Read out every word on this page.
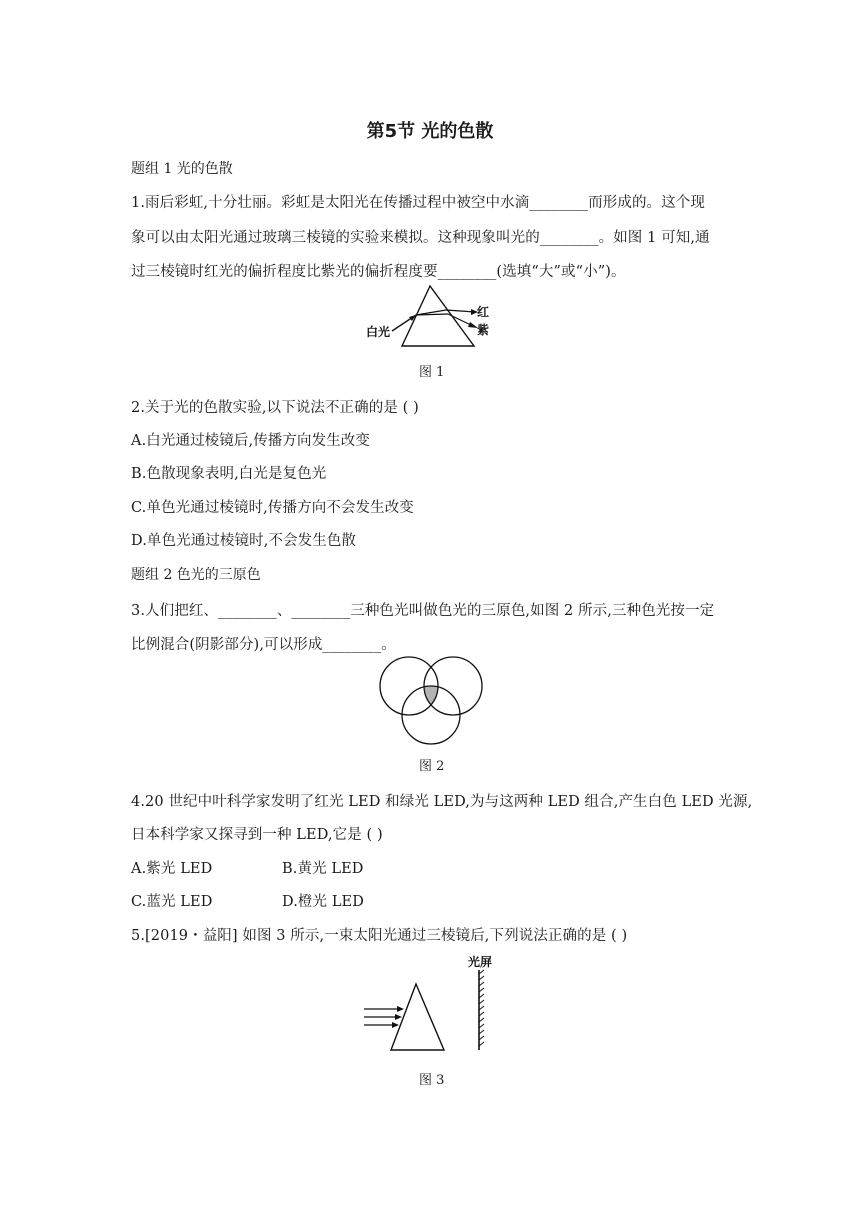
第5节 光的色散
题组 1 光的色散
1.雨后彩虹,十分壮丽。彩虹是太阳光在传播过程中被空中水滴________而形成的。这个现
象可以由太阳光通过玻璃三棱镜的实验来模拟。这种现象叫光的________。如图 1 可知,通
过三棱镜时红光的偏折程度比紫光的偏折程度要________(选填“大”或“小”)。
白光
红
紫
图 1
2.关于光的色散实验,以下说法不正确的是 ( )
A.白光通过棱镜后,传播方向发生改变
B.色散现象表明,白光是复色光
C.单色光通过棱镜时,传播方向不会发生改变
D.单色光通过棱镜时,不会发生色散
题组 2 色光的三原色
3.人们把红、________、________三种色光叫做色光的三原色,如图 2 所示,三种色光按一定
比例混合(阴影部分),可以形成________。
图 2
4.20 世纪中叶科学家发明了红光 LED 和绿光 LED,为与这两种 LED 组合,产生白色 LED 光源,
日本科学家又探寻到一种 LED,它是 ( )
A.紫光 LED	B.黄光 LED
C.蓝光 LED	D.橙光 LED
5.[2019・益阳] 如图 3 所示,一束太阳光通过三棱镜后,下列说法正确的是 ( )
光屏
图 3
